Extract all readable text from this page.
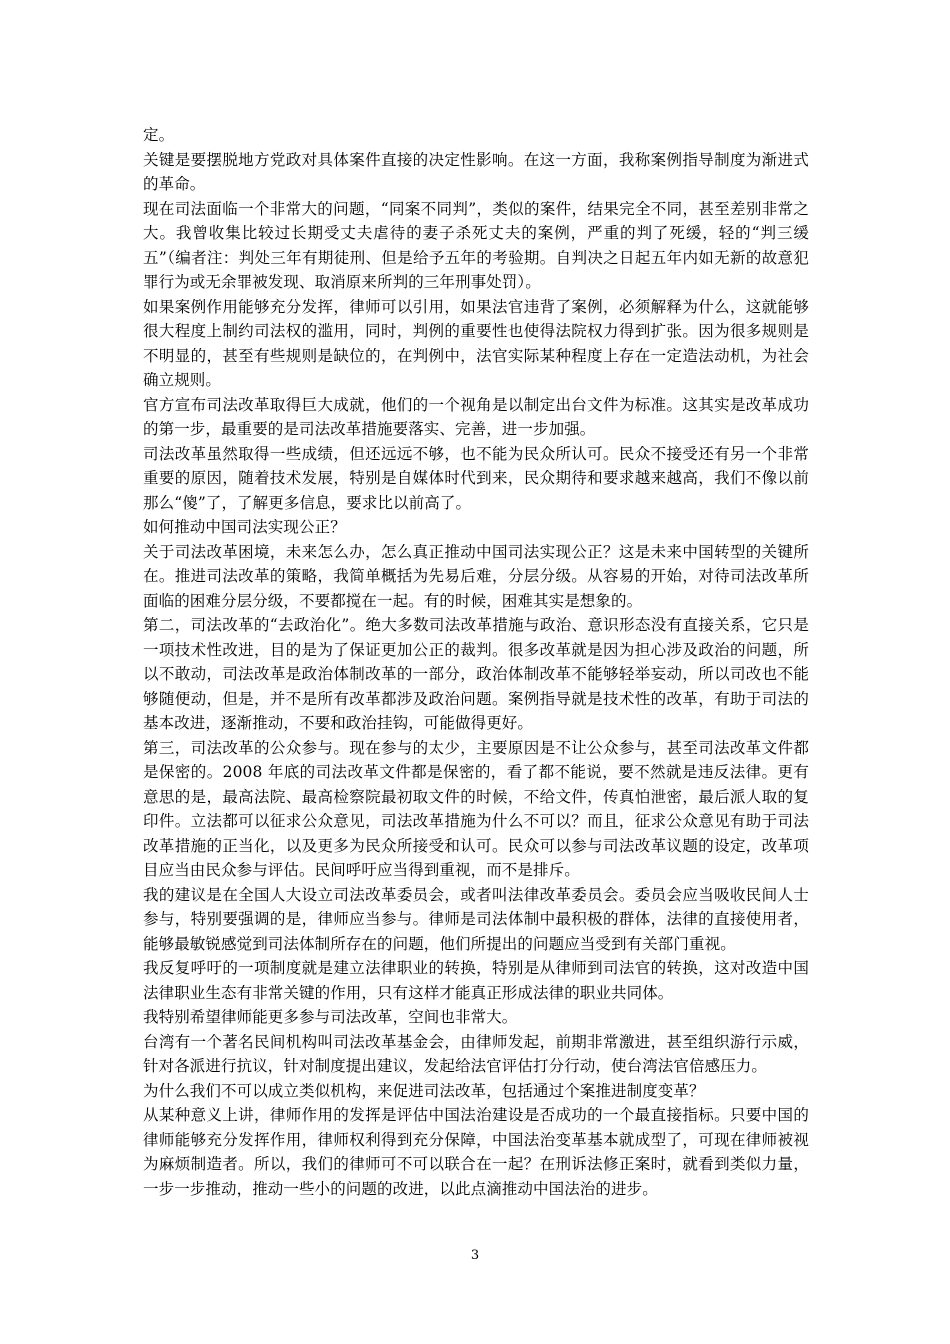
定。

关键是要摆脱地方党政对具体案件直接的决定性影响。在这一方面，我称案例指导制度为渐进式的革命。

现在司法面临一个非常大的问题，“同案不同判”，类似的案件，结果完全不同，甚至差别非常之大。我曾收集比较过长期受丈夫虐待的妻子杀死丈夫的案例，严重的判了死缓，轻的“判三缓五”（编者注：判处三年有期徒刑、但是给予五年的考验期。自判决之日起五年内如无新的故意犯罪行为或无余罪被发现、取消原来所判的三年刑事处罚）。

如果案例作用能够充分发挥，律师可以引用，如果法官违背了案例，必须解释为什么，这就能够很大程度上制约司法权的滥用，同时，判例的重要性也使得法院权力得到扩张。因为很多规则是不明显的，甚至有些规则是缺位的，在判例中，法官实际某种程度上存在一定造法动机，为社会确立规则。

官方宣布司法改革取得巨大成就，他们的一个视角是以制定出台文件为标准。这其实是改革成功的第一步，最重要的是司法改革措施要落实、完善，进一步加强。

司法改革虽然取得一些成绩，但还远远不够，也不能为民众所认可。民众不接受还有另一个非常重要的原因，随着技术发展，特别是自媒体时代到来，民众期待和要求越来越高，我们不像以前那么“傻”了，了解更多信息，要求比以前高了。

如何推动中国司法实现公正？

关于司法改革困境，未来怎么办，怎么真正推动中国司法实现公正？这是未来中国转型的关键所在。推进司法改革的策略，我简单概括为先易后难，分层分级。从容易的开始，对待司法改革所面临的困难分层分级，不要都搅在一起。有的时候，困难其实是想象的。

第二，司法改革的“去政治化”。绝大多数司法改革措施与政治、意识形态没有直接关系，它只是一项技术性改进，目的是为了保证更加公正的裁判。很多改革就是因为担心涉及政治的问题，所以不敢动，司法改革是政治体制改革的一部分，政治体制改革不能够轻举妄动，所以司改也不能够随便动，但是，并不是所有改革都涉及政治问题。案例指导就是技术性的改革，有助于司法的基本改进，逐渐推动，不要和政治挂钩，可能做得更好。

第三，司法改革的公众参与。现在参与的太少，主要原因是不让公众参与，甚至司法改革文件都是保密的。2008 年底的司法改革文件都是保密的，看了都不能说，要不然就是违反法律。更有意思的是，最高法院、最高检察院最初取文件的时候，不给文件，传真怕泄密，最后派人取的复印件。立法都可以征求公众意见，司法改革措施为什么不可以？而且，征求公众意见有助于司法改革措施的正当化，以及更多为民众所接受和认可。民众可以参与司法改革议题的设定，改革项目应当由民众参与评估。民间呼吁应当得到重视，而不是排斥。

我的建议是在全国人大设立司法改革委员会，或者叫法律改革委员会。委员会应当吸收民间人士参与，特别要强调的是，律师应当参与。律师是司法体制中最积极的群体，法律的直接使用者，能够最敏锐感觉到司法体制所存在的问题，他们所提出的问题应当受到有关部门重视。

我反复呼吁的一项制度就是建立法律职业的转换，特别是从律师到司法官的转换，这对改造中国法律职业生态有非常关键的作用，只有这样才能真正形成法律的职业共同体。

我特别希望律师能更多参与司法改革，空间也非常大。

台湾有一个著名民间机构叫司法改革基金会，由律师发起，前期非常激进，甚至组织游行示威，针对各派进行抗议，针对制度提出建议，发起给法官评估打分行动，使台湾法官倍感压力。

为什么我们不可以成立类似机构，来促进司法改革，包括通过个案推进制度变革？

从某种意义上讲，律师作用的发挥是评估中国法治建设是否成功的一个最直接指标。只要中国的律师能够充分发挥作用，律师权利得到充分保障，中国法治变革基本就成型了，可现在律师被视为麻烦制造者。所以，我们的律师可不可以联合在一起？在刑诉法修正案时，就看到类似力量，一步一步推动，推动一些小的问题的改进，以此点滴推动中国法治的进步。

3
